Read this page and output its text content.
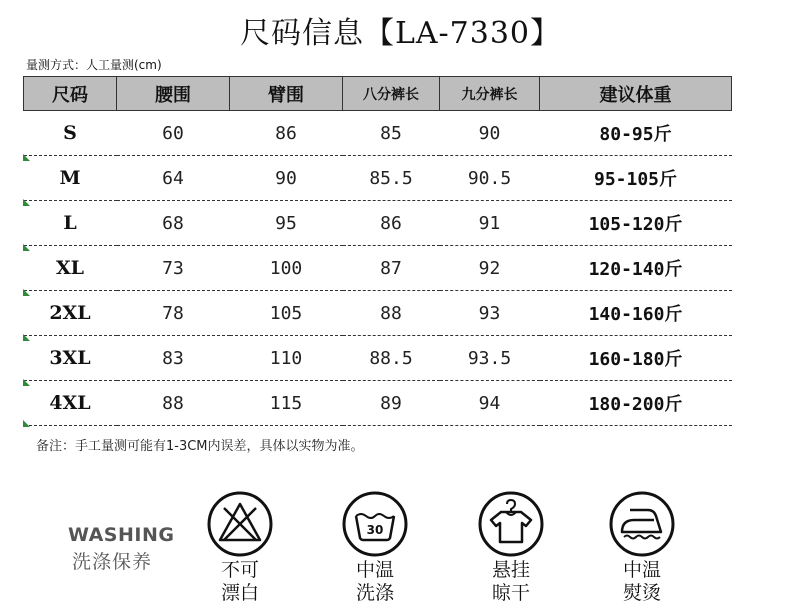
尺码信息【LA-7330】
量测方式：人工量测(cm)
尺码	腰围	臂围	八分裤长	九分裤长	建议体重
S	60	86	85	90	80-95斤
M	64	90	85.5	90.5	95-105斤
L	68	95	86	91	105-120斤
XL	73	100	87	92	120-140斤
2XL	78	105	88	93	140-160斤
3XL	83	110	88.5	93.5	160-180斤
4XL	88	115	89	94	180-200斤
备注：手工量测可能有1-3CM内误差，具体以实物为准。
WASHING
洗涤保养	不可
漂白
30
中温
洗涤
悬挂
晾干
中温
熨烫
